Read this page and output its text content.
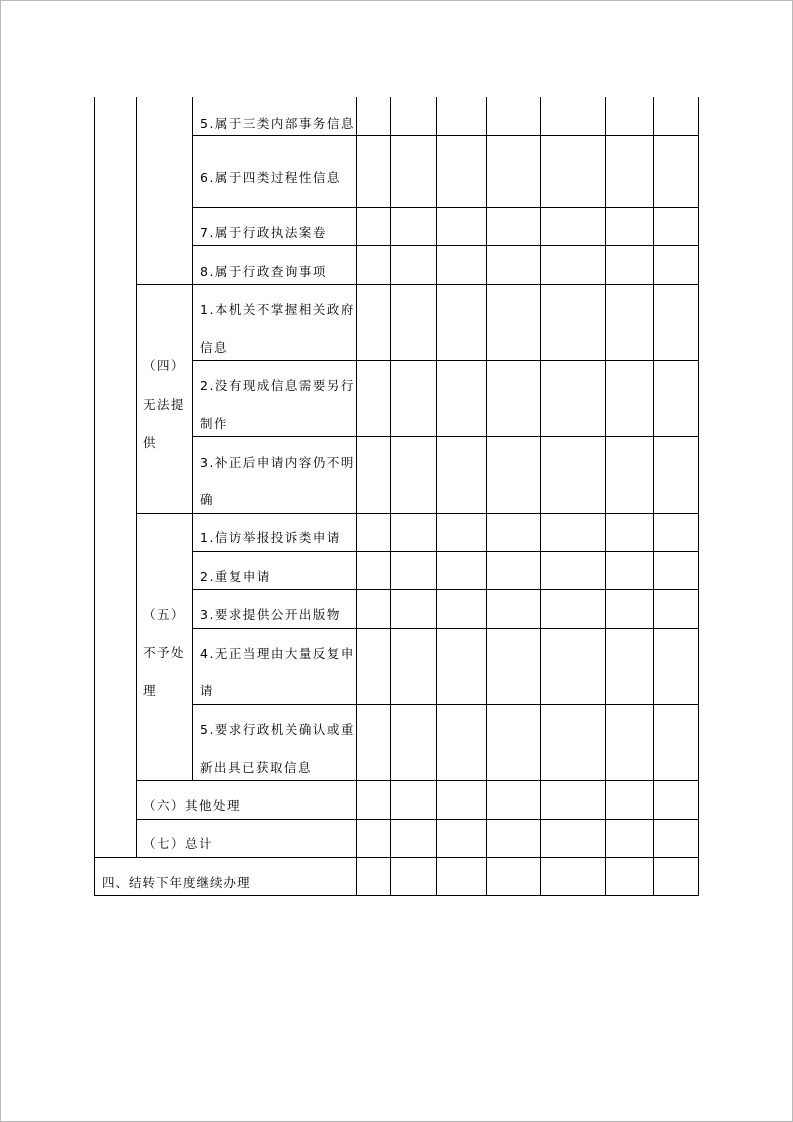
5.属于三类内部事务信息
6.属于四类过程性信息
7.属于行政执法案卷
8.属于行政查询事项
（四）
无法提
供
1.本机关不掌握相关政府
信息
2.没有现成信息需要另行
制作
3.补正后申请内容仍不明
确
（五）
不予处
理
1.信访举报投诉类申请
2.重复申请
3.要求提供公开出版物
4.无正当理由大量反复申
请
5.要求行政机关确认或重
新出具已获取信息
（六）其他处理
（七）总计
四、结转下年度继续办理
